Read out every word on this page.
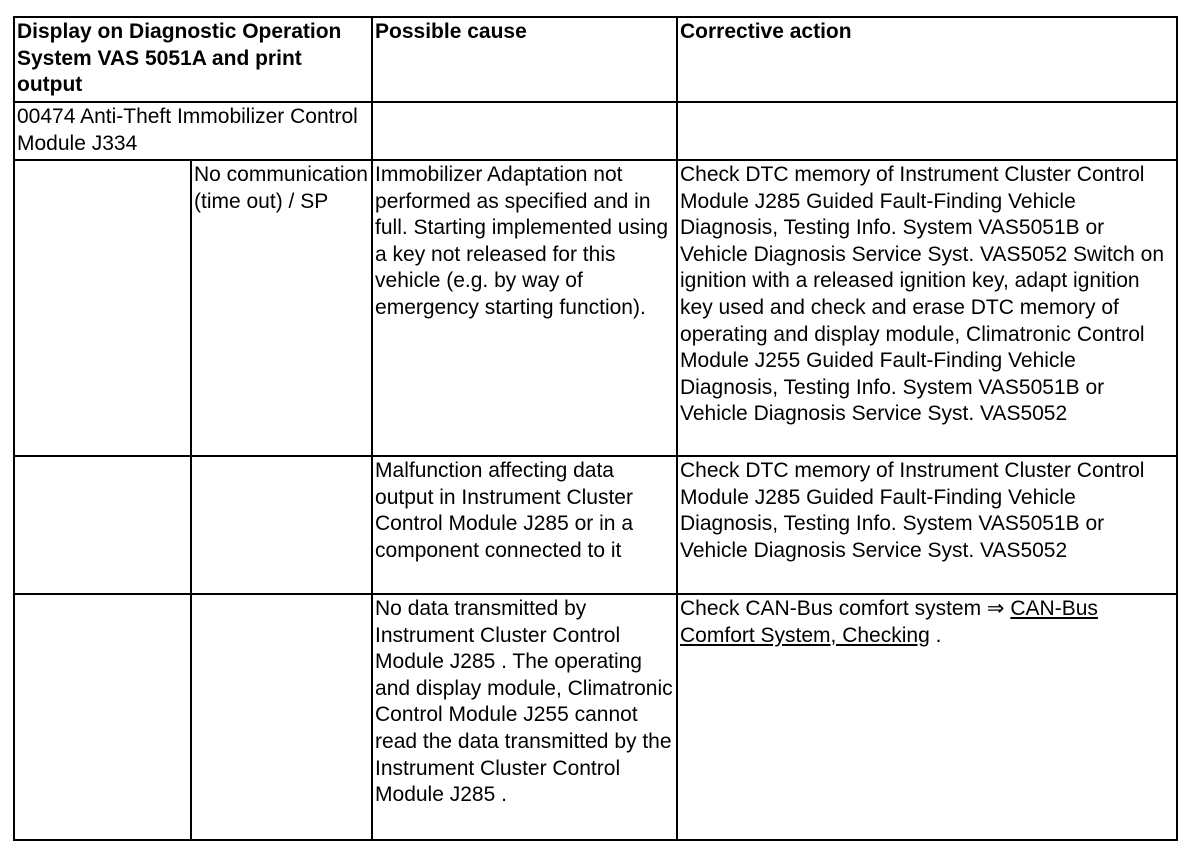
Display on Diagnostic Operation System VAS 5051A and print output		Possible cause	Corrective action
00474 Anti-Theft Immobilizer Control Module J334			
	No communication (time out) / SP	Immobilizer Adaptation not performed as specified and in full. Starting implemented using a key not released for this vehicle (e.g. by way of emergency starting function).	Check DTC memory of Instrument Cluster Control Module J285 Guided Fault-Finding Vehicle Diagnosis, Testing Info. System VAS5051B or Vehicle Diagnosis Service Syst. VAS5052 Switch on ignition with a released ignition key, adapt ignition key used and check and erase DTC memory of operating and display module, Climatronic Control Module J255 Guided Fault-Finding Vehicle Diagnosis, Testing Info. System VAS5051B or Vehicle Diagnosis Service Syst. VAS5052
		Malfunction affecting data output in Instrument Cluster Control Module J285 or in a component connected to it	Check DTC memory of Instrument Cluster Control Module J285 Guided Fault-Finding Vehicle Diagnosis, Testing Info. System VAS5051B or Vehicle Diagnosis Service Syst. VAS5052
		No data transmitted by Instrument Cluster Control Module J285 . The operating and display module, Climatronic Control Module J255 cannot read the data transmitted by the Instrument Cluster Control Module J285 .	Check CAN-Bus comfort system ⇒ CAN-Bus Comfort System, Checking .
